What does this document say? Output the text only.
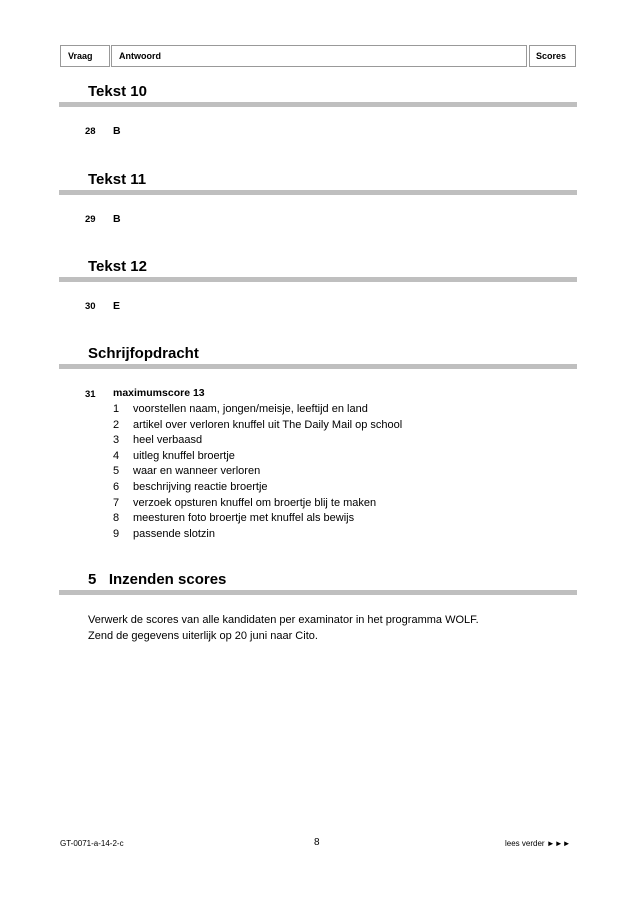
Vraag	Antwoord	Scores
Tekst 10
28 B
Tekst 11
29 B
Tekst 12
30 E
Schrijfopdracht
31 maximumscore 13
1 voorstellen naam, jongen/meisje, leeftijd en land
2 artikel over verloren knuffel uit The Daily Mail op school
3 heel verbaasd
4 uitleg knuffel broertje
5 waar en wanneer verloren
6 beschrijving reactie broertje
7 verzoek opsturen knuffel om broertje blij te maken
8 meesturen foto broertje met knuffel als bewijs
9 passende slotzin
5   Inzenden scores
Verwerk de scores van alle kandidaten per examinator in het programma WOLF.
Zend de gegevens uiterlijk op 20 juni naar Cito.
GT-0071-a-14-2-c	8	lees verder ►►►
